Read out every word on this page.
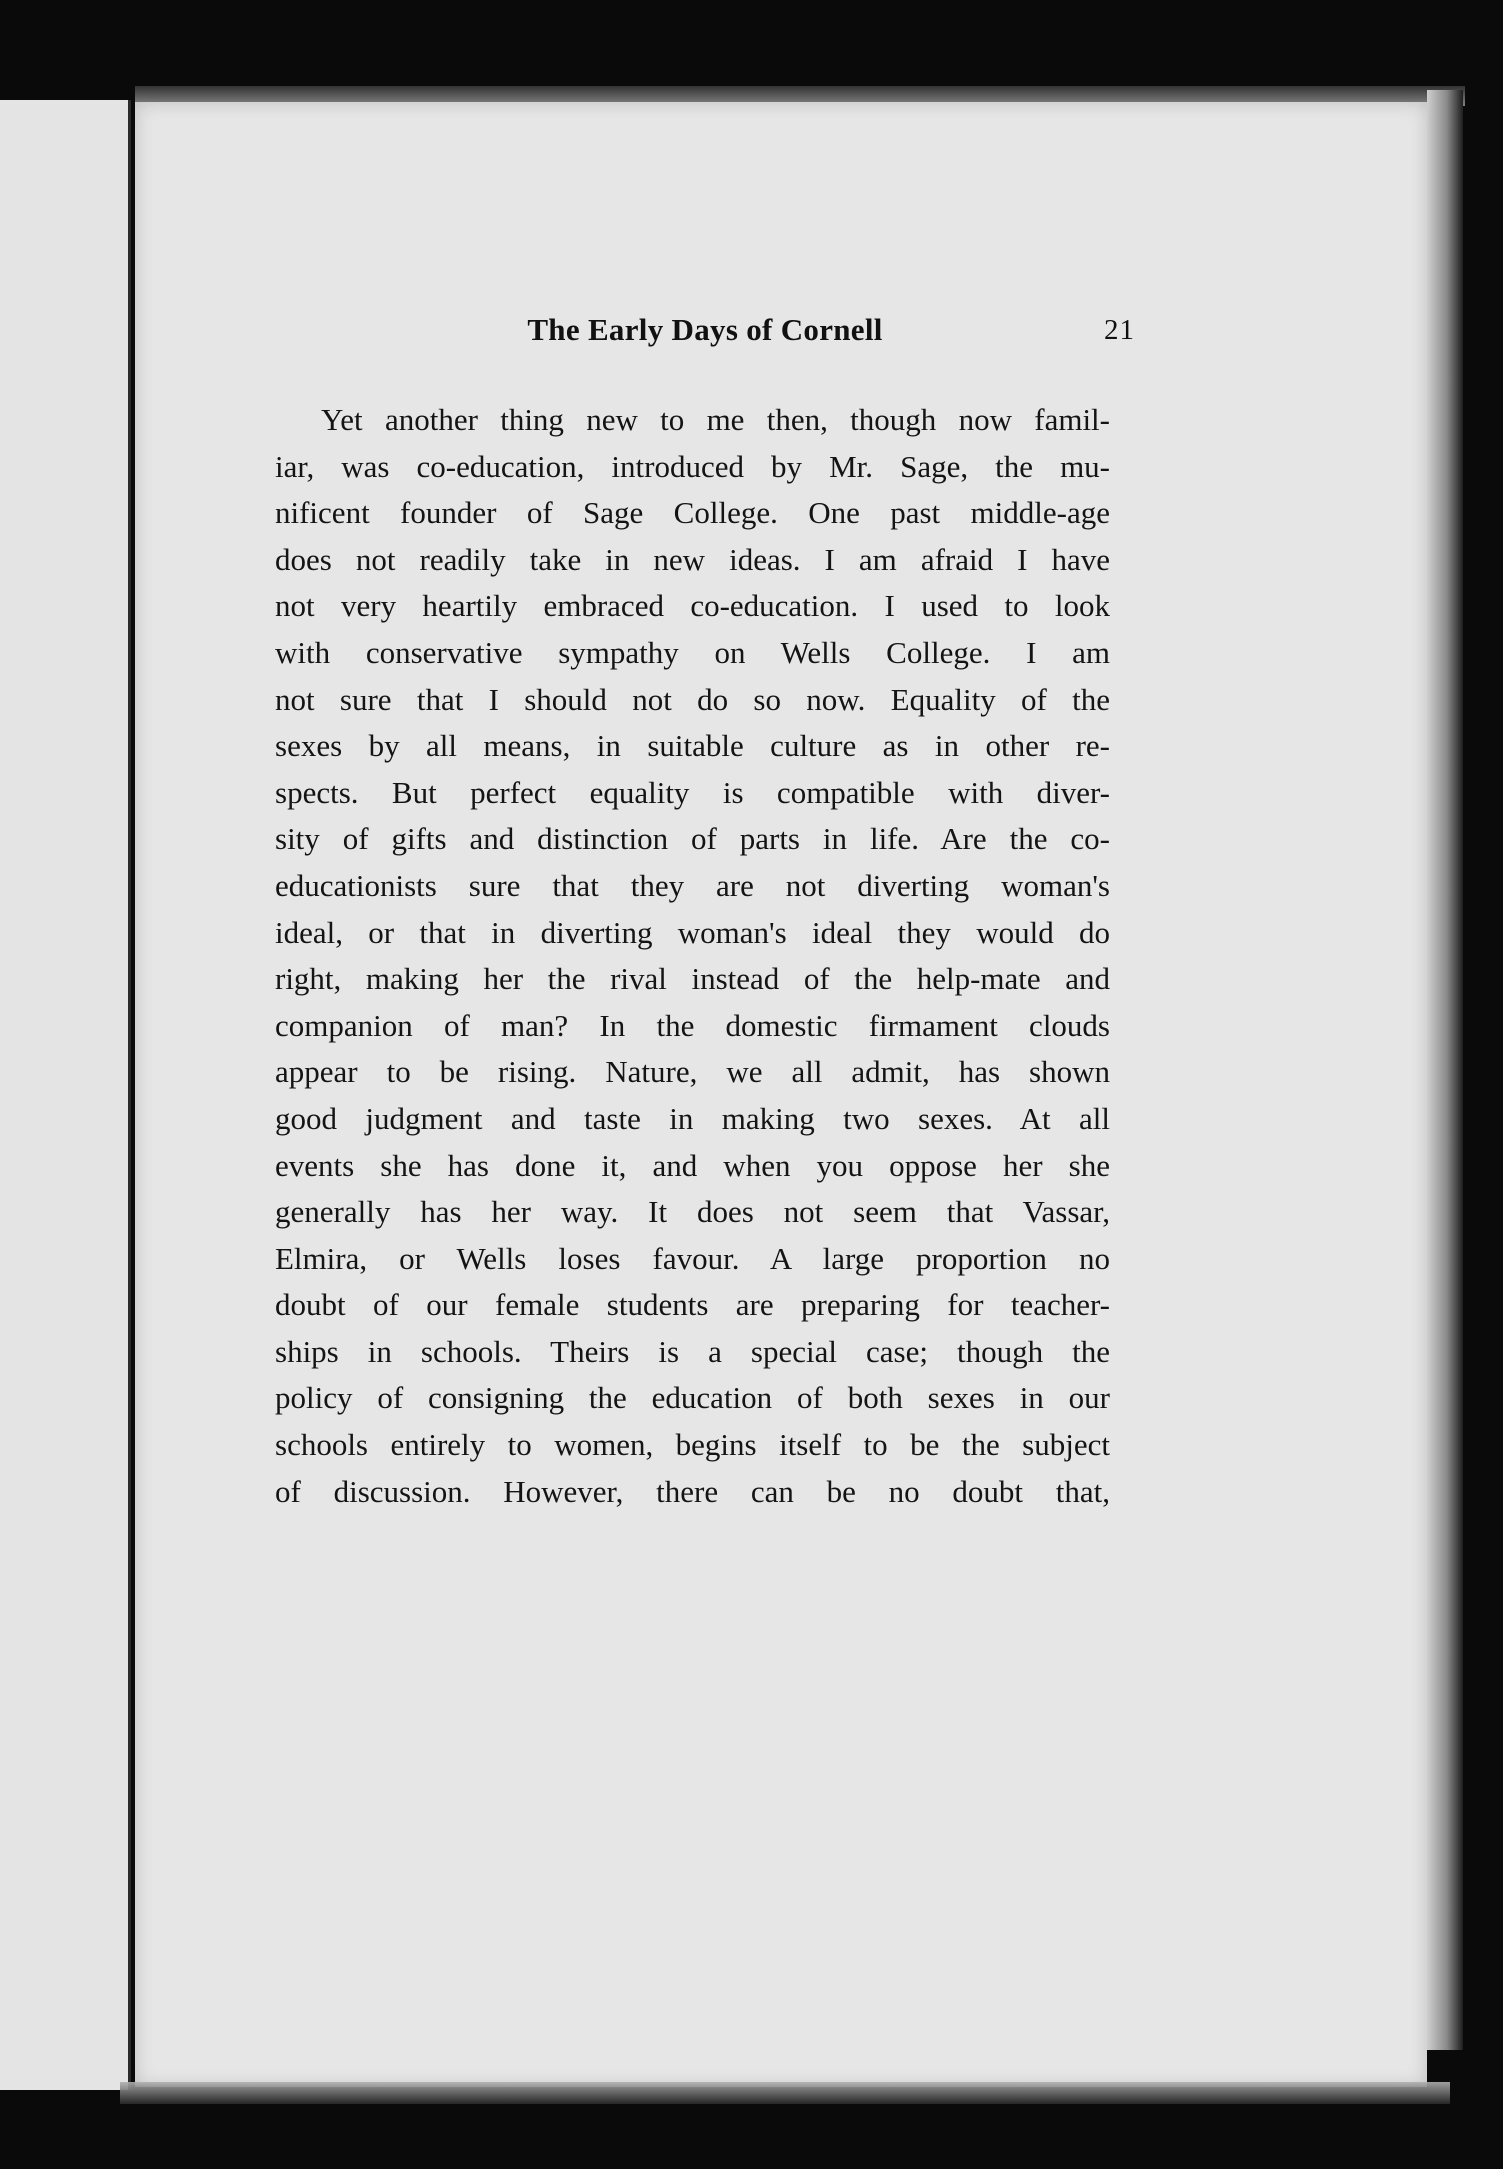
The Early Days of Cornell	21
Yet another thing new to me then, though now famil-
iar, was co-education, introduced by Mr. Sage, the mu-
nificent founder of Sage College. One past middle-age
does not readily take in new ideas. I am afraid I have
not very heartily embraced co-education. I used to look
with conservative sympathy on Wells College. I am
not sure that I should not do so now. Equality of the
sexes by all means, in suitable culture as in other re-
spects. But perfect equality is compatible with diver-
sity of gifts and distinction of parts in life. Are the co-
educationists sure that they are not diverting woman's
ideal, or that in diverting woman's ideal they would do
right, making her the rival instead of the help-mate and
companion of man? In the domestic firmament clouds
appear to be rising. Nature, we all admit, has shown
good judgment and taste in making two sexes. At all
events she has done it, and when you oppose her she
generally has her way. It does not seem that Vassar,
Elmira, or Wells loses favour. A large proportion no
doubt of our female students are preparing for teacher-
ships in schools. Theirs is a special case; though the
policy of consigning the education of both sexes in our
schools entirely to women, begins itself to be the subject
of discussion. However, there can be no doubt that,
